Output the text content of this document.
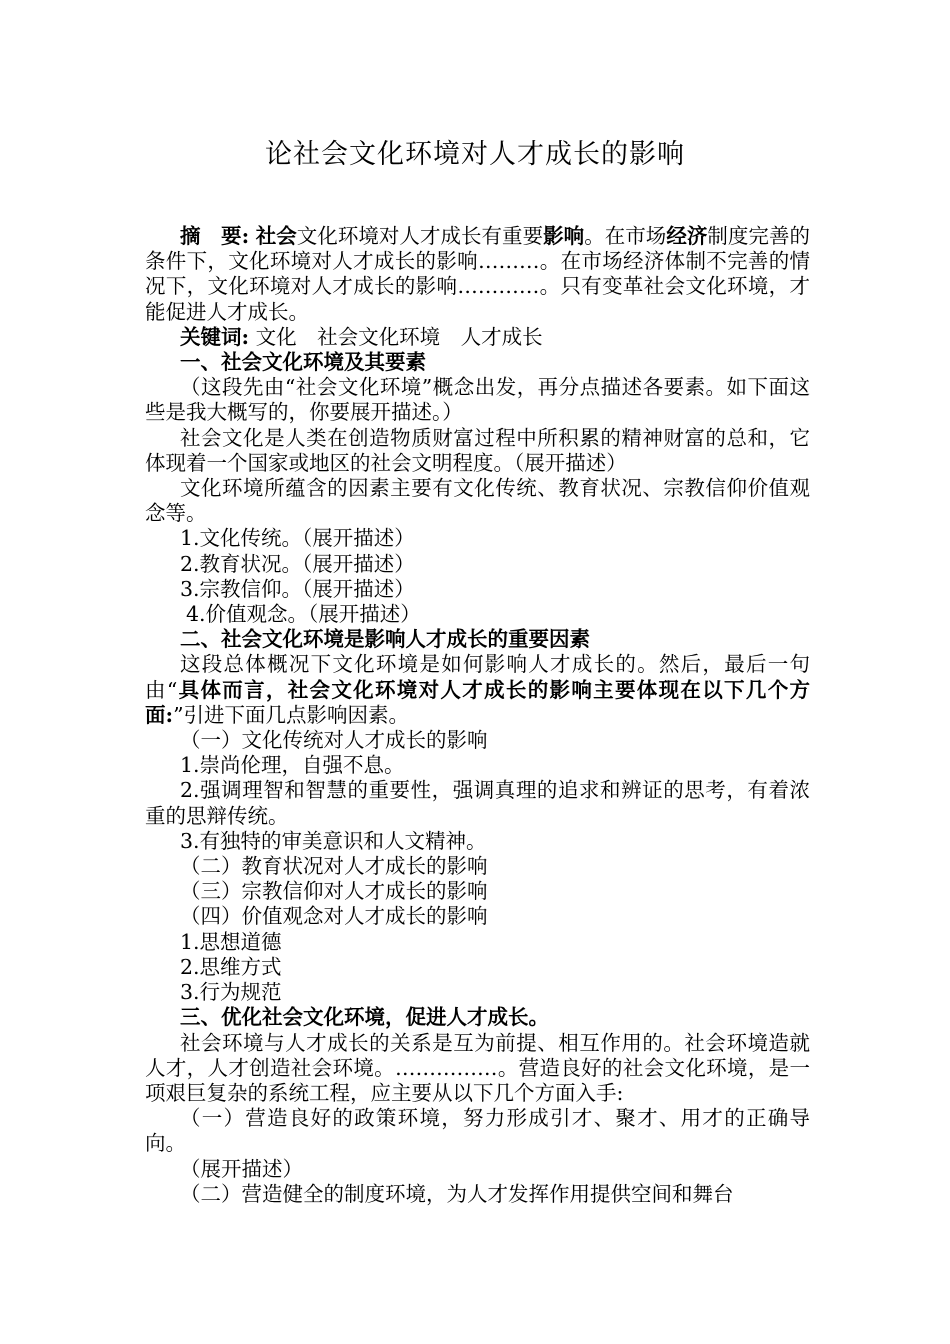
论社会文化环境对人才成长的影响

摘　要: 社会文化环境对人才成长有重要影响。在市场经济制度完善的条件下，文化环境对人才成长的影响………。在市场经济体制不完善的情况下，文化环境对人才成长的影响…………。只有变革社会文化环境，才能促进人才成长。

关键词: 文化　社会文化环境　人才成长

一、社会文化环境及其要素

（这段先由“社会文化环境”概念出发，再分点描述各要素。如下面这些是我大概写的，你要展开描述。）

社会文化是人类在创造物质财富过程中所积累的精神财富的总和，它体现着一个国家或地区的社会文明程度。（展开描述）

文化环境所蕴含的因素主要有文化传统、教育状况、宗教信仰价值观念等。

1.文化传统。（展开描述）

2.教育状况。（展开描述）

3.宗教信仰。（展开描述）

4.价值观念。（展开描述）

二、社会文化环境是影响人才成长的重要因素

这段总体概况下文化环境是如何影响人才成长的。然后，最后一句由“具体而言，社会文化环境对人才成长的影响主要体现在以下几个方面:”引进下面几点影响因素。

（一）文化传统对人才成长的影响

1.崇尚伦理，自强不息。

2.强调理智和智慧的重要性，强调真理的追求和辨证的思考，有着浓重的思辩传统。

3.有独特的审美意识和人文精神。

（二）教育状况对人才成长的影响

（三）宗教信仰对人才成长的影响

（四）价值观念对人才成长的影响

1.思想道德

2.思维方式

3.行为规范

三、优化社会文化环境，促进人才成长。

社会环境与人才成长的关系是互为前提、相互作用的。社会环境造就人才，人才创造社会环境。……………。营造良好的社会文化环境，是一项艰巨复杂的系统工程，应主要从以下几个方面入手:

（一）营造良好的政策环境，努力形成引才、聚才、用才的正确导向。

（展开描述）

（二）营造健全的制度环境，为人才发挥作用提供空间和舞台
